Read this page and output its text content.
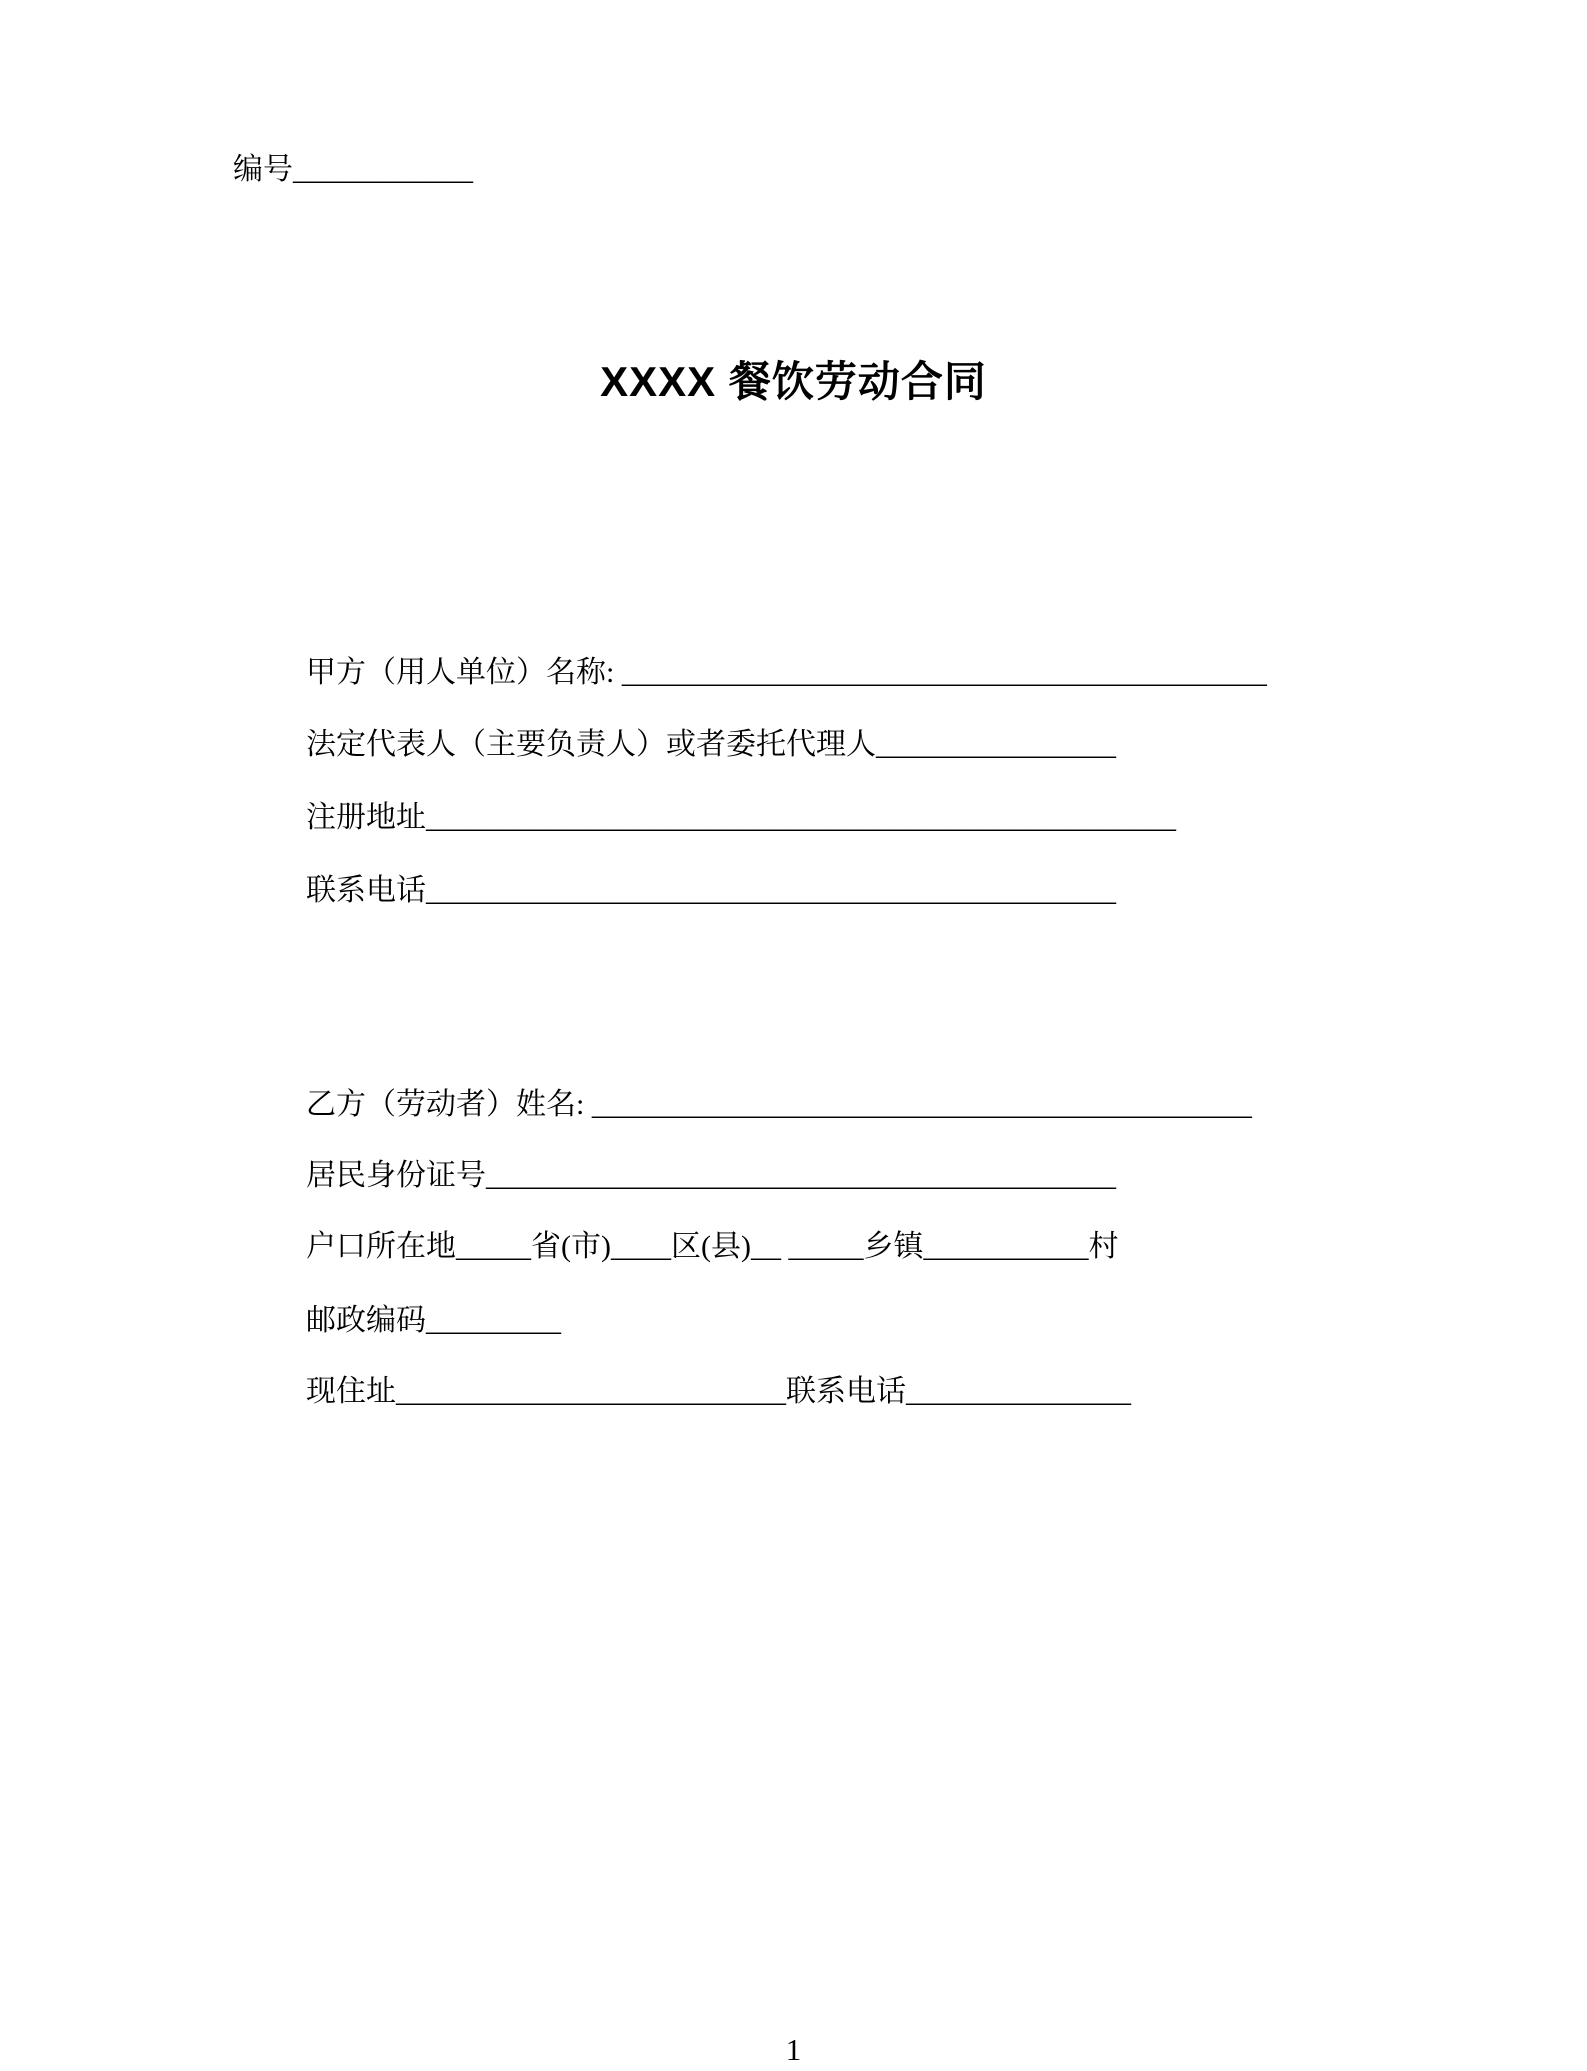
编号____________
XXXX 餐饮劳动合同
甲方（用人单位）名称: ___________________________________________
法定代表人（主要负责人）或者委托代理人________________
注册地址__________________________________________________
联系电话______________________________________________
乙方（劳动者）姓名: ____________________________________________
居民身份证号__________________________________________
户口所在地_____省(市)____区(县)__ _____乡镇___________村
邮政编码_________
现住址__________________________联系电话_______________
1
